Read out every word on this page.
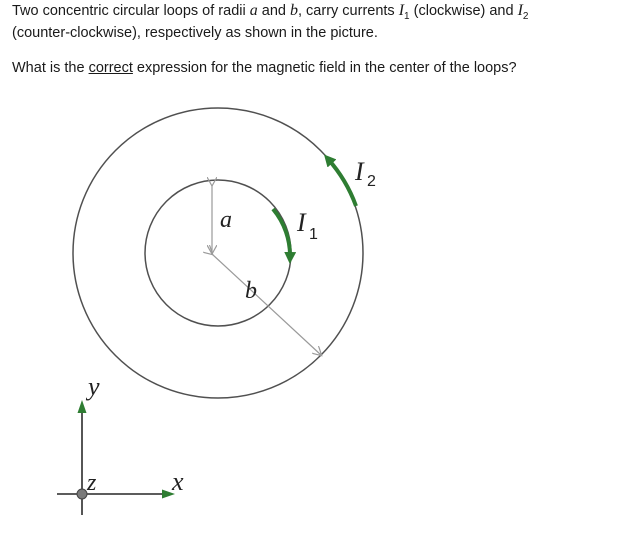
Two concentric circular loops of radii a and b, carry currents $I_1$ (clockwise) and $I_2$

(counter-clockwise), respectively as shown in the picture.

What is the correct expression for the magnetic field in the center of the loops?

a
b
I 1
I 2
y
x
z
